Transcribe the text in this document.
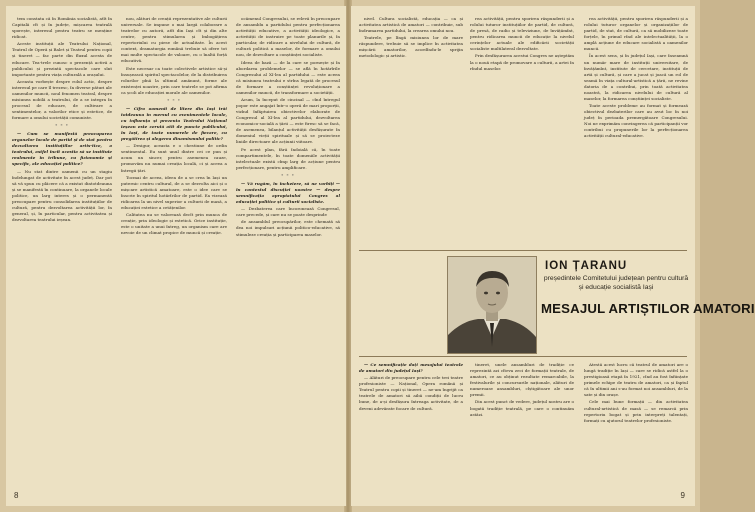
tem constata că în România socialistă, atît în Capitală cît și în județe, mișcarea teatrală sporește, interesul pentru teatru se menține ridicat.

Aceste instituții ale Teatrului Național, Teatrul de Operă și Balet și Teatrul pentru copii și tineret — fac parte din fluxul acesta de educare. Tea-trele cunosc o prezență activă a publicului și prezintă spectacole care sînt importante pentru viața culturală a orașului.

Aceasta vorbește despre rolul actic, despre interesul pe care îl trezesc, în diverse pături ale oamenilor muncii, noul fenomen teatral, despre misiunea nobilă a teatrului, de a se integra în procesul de educare, de cultivare a sentimentelor, a valorilor etice și estetice, de formare a omului societății comuniste.

* * *

— Cum se manifestă preocuparea organelor locale de partid și de stat pentru dezvoltarea instituțiilor artis-tice, a teatrului, astfel încît acestia să se instituie realmente în tribune, cu fizionomie și specific, ale educației politice?

— Nu stat dintre oamenii cu un stagiu îndelungat de activitate în acest județ. Dar pot să vă spun cu plăcere că a existat dintotdeauna și se manifestă în continuare, la organele locale politice, un larg interes și o permanentă preocupare pentru consolidarea instituțiilor de cultură, pentru dezvoltarea activității lor, în general, și, în particular, pentru activitatea și dezvoltarea teatrului ieșean.

nou, alături de creații reprezentative ale culturii universale. Se impune o mai largă colaborare a teatrelor cu autorii, atît din Iași cît și din alte centre, pentru stimularea și îmbogățirea repertoriului cu piese de actualitate. În acest context, dramaturgia română trebuie să ofere tot mai multe spectacole de valoare, cu o înaltă forță educativă.

Este necesar ca toate colectivele artistice să-și însușească spiritul spectacolelor, de la distribuirea rolurilor pînă la ultimul amănunt, forme ale existenței noastre, prin care teatrele se pot afirma ca școli ale educației morale ale oamenilor.

* * *

— Cifra oamenii de litere din Iași trăi totdeauna în mersul cu evenimentele locale, cu influența și prezenta Teatrului Național ieșean este cerută atît de puncte publicului, în Iași, de toate numerele de fiecare, cu pregătirea și alegerea dinamismului politic?

— Desigur, aceasta e o chestiune de ordin sentimental. Eu sunt unul dintre cei ce pun și acum un sincer, pentru asemenea cauze, promovăm nu numai creația locală, ci și aceea a întregii țări.

Tocmai de aceea, ideea de a se crea în Iași un puternic centru cultural, de a se dezvolta aici și o mișcare artistică amatoare, este o idee care se înscrie în spiritul hotărîrilor de partid. Ea vizează ridicarea la un nivel superior a culturii de masă, a educației estetice a cetățenilor.

Calitatea nu se valorează decît prin munca de creație, prin ideologie și estetică. Orice instituție, este o unitate a unui întreg, un organism care are nevoie de un climat propice de muncă și creație.

ocămenul Congresului, se relevă în preocupare de ansamblu a partidului pentru perfecționarea activității educative, a activității ideologice, a activității de instruire pe toate planurile și, în particular, de ridicare a nivelului de cultură, de cultură politică a maselor, de formare a omului nou, de dezvoltare a conștiinței socialiste.

Ideea de bază — de la care se pornește și în abordarea problemelor — se află în hotărîrile Congresului al XI-lea al partidului — este aceea că misiunea teatrului e strîns legată de procesul de formare a conștiinței revoluționare a oamenilor muncii, de transformare a societății.

Acum, la început de cincinal — cînd întregul popor este angajat într-o operă de mari proporții, vizînd înfăptuirea obiectivelor elaborate de Congresul al XI-lea al partidului, dezvoltarea economico-socială a țării — este firesc să se facă, de asemenea, bilanțul activității desfășurate în domeniul vieții spirituale și să se proiecteze liniile directoare ale acțiunii viitoare.

Pe acest plan, fără îndoială că, în toate compartimentele, în toate domeniile activității intelectuale există cîmp larg de acțiune pentru perfecționare, pentru amplificare.

* * *

— Vă rugăm, în încheiere, să ne vorbiți — în contextul discuției noastre — despre semnificația apropiatului Congres al educației politice și culturii socialiste.

— Dezbaterea care încoronează Congresul, care precede, și care nu se poate desprinde

de ansamblul preocupărilor, este chemată să dea noi impulsuri acțiunii politico-educative, să stimuleze creația și participarea maselor.

8

nivel. Cultura socialistă, educația — ca și activitatea artistică de amatori — contribuie, sub îndrumarea partidului, la crearea omului nou.

Teatrele, pe lîngă misiunea lor de mare răspundere, trebuie să se implice în activitatea mișcării amatorilor, acordîndu-le sprijin metodologic și artistic.

rea activității, pentru sporirea răspunderii și a rolului tuturor instituțiilor de partid, de cultură, de presă, de radio și televiziune, de învățămînt, pentru ridicarea muncii de educație la nivelul cerințelor actuale ale edificării societății socialiste multilateral dezvoltate.

Prin desfășurarea acestui Congres ne așteptăm la o nouă etapă de promovare a culturii, a artei în rîndul maselor.

rea activității, pentru sporirea răspunderii și a rolului tuturor organelor și organizațiilor de partid, de stat, de cultură, ca să mobilizeze toate forțele, în primul rînd ale intelectualității, la o amplă acțiune de educare socialistă a oamenilor muncii.

În acest sens, și în județul Iași, care înseamnă un număr mare de instituții universitare, de învățămînt, institute de cercetare, instituții de artă și cultură, și care a jucat și joacă un rol de seamă în viața cultural-artistică a țării, ne revine datoria de a contribui, prin toată activitatea noastră, la ridicarea nivelului de cultură al maselor, la formarea conștiinței socialiste.

Toate aceste probleme au format și formează obiectivul dezbaterilor care au avut loc în noi județ în perioada premergătoare Congresului. Noi ne exprimăm convingerea că participanții vor contribui cu propunerile lor la perfecționarea activității cultural-educative.

ION ȚARANU
președintele Comitetului județean pentru cultură
și educație socialistă Iași
MESAJUL ARTIȘTILOR AMATORI

— Ce semnificație dați mesajului teatrale de amatori din județul Iași?

— Alături de preocupare pentru cele trei teatre profesioniste — Național, Opera română și Teatrul pentru copii și tineret — ne-am îngrijit ca teatrele de amatori să aibă condiții de lucru bune, de a-și desfășura întreaga activitate, de a deveni adevărate focare de cultură.

tineret, unele ansambluri de tradiție ce reprezintă azi cîteva zeci de formații teatrale, de amatori, ce au obținut rezultate remarcabile, la festivalurile și concursurile naționale, alături de numeroase ansambluri, cîștigătoare ale unor premii.

Din acest punct de vedere, județul nostru are o bogată tradiție teatrală, pe care o continuăm astăzi.

Atestă acest lucru că teatrul de amatori are o lungă tradiție în Iași — care se ridică astfel la o prestigioasă etapă în 1921, cînd au fost înființate primele echipe de teatru de amatori, ca și faptul că în ultimii ani s-au format noi ansambluri, de la sate și din orașe.

Cele mai bune formații — din activitatea cultural-artistică de masă — se remarcă prin repertoriu bogat și prin interpreți talentați, formați cu ajutorul teatrelor profesioniste.

9
